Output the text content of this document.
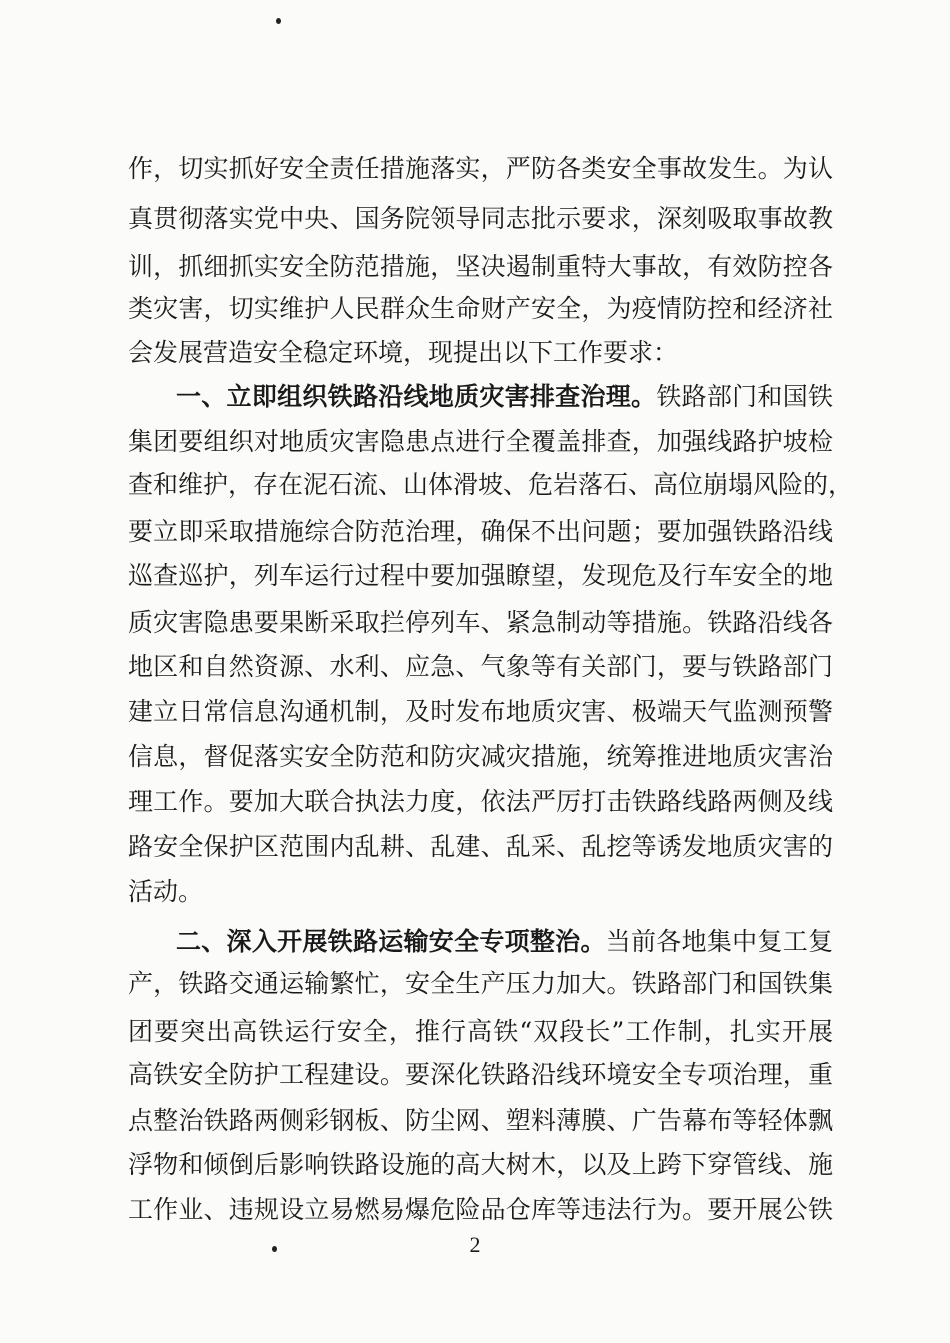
作，切实抓好安全责任措施落实，严防各类安全事故发生。为认
真贯彻落实党中央、国务院领导同志批示要求，深刻吸取事故教
训，抓细抓实安全防范措施，坚决遏制重特大事故，有效防控各
类灾害，切实维护人民群众生命财产安全，为疫情防控和经济社
会发展营造安全稳定环境，现提出以下工作要求：
一、立即组织铁路沿线地质灾害排查治理。铁路部门和国铁
集团要组织对地质灾害隐患点进行全覆盖排查，加强线路护坡检
查和维护，存在泥石流、山体滑坡、危岩落石、高位崩塌风险的，
要立即采取措施综合防范治理，确保不出问题；要加强铁路沿线
巡查巡护，列车运行过程中要加强瞭望，发现危及行车安全的地
质灾害隐患要果断采取拦停列车、紧急制动等措施。铁路沿线各
地区和自然资源、水利、应急、气象等有关部门，要与铁路部门
建立日常信息沟通机制，及时发布地质灾害、极端天气监测预警
信息，督促落实安全防范和防灾减灾措施，统筹推进地质灾害治
理工作。要加大联合执法力度，依法严厉打击铁路线路两侧及线
路安全保护区范围内乱耕、乱建、乱采、乱挖等诱发地质灾害的
活动。
二、深入开展铁路运输安全专项整治。当前各地集中复工复
产，铁路交通运输繁忙，安全生产压力加大。铁路部门和国铁集
团要突出高铁运行安全，推行高铁“双段长”工作制，扎实开展
高铁安全防护工程建设。要深化铁路沿线环境安全专项治理，重
点整治铁路两侧彩钢板、防尘网、塑料薄膜、广告幕布等轻体飘
浮物和倾倒后影响铁路设施的高大树木，以及上跨下穿管线、施
工作业、违规设立易燃易爆危险品仓库等违法行为。要开展公铁
2
